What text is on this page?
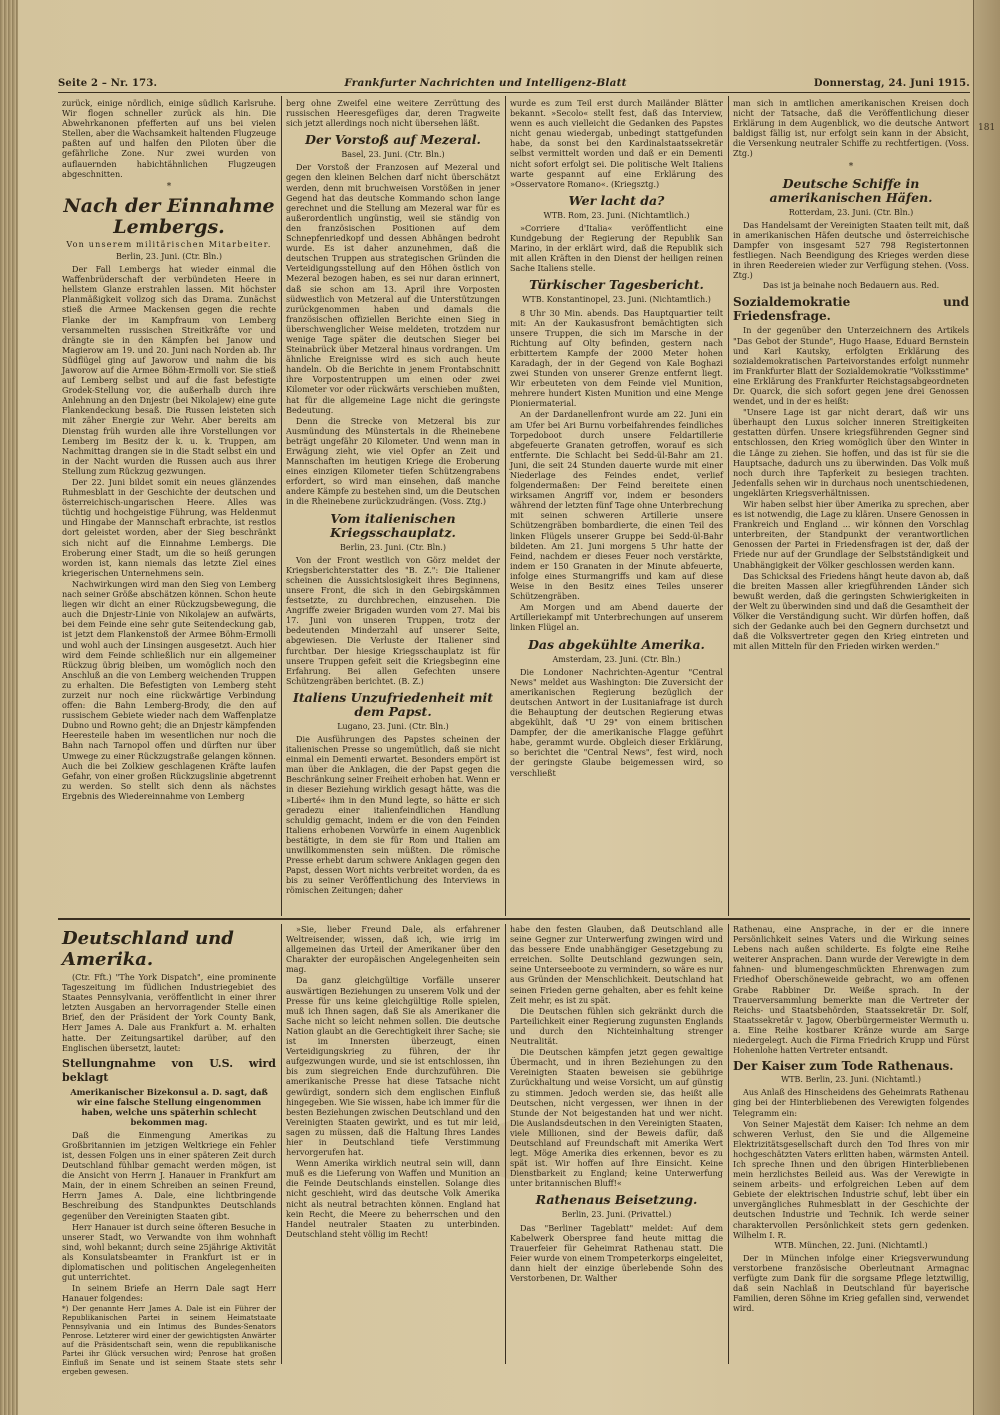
181
Seite 2 – Nr. 173.	Frankfurter Nachrichten und Intelligenz-Blatt	Donnerstag, 24. Juni 1915.

zurück, einige nördlich, einige südlich Karlsruhe. Wir flogen schneller zurück als hin. Die Abwehrkanonen pfefferten auf uns bei vielen Stellen, aber die Wachsamkeit haltenden Flugzeuge paßten auf und halfen den Piloten über die gefährliche Zone. Nur zwei wurden von auflauernden habichtähnlichen Flugzeugen abgeschnitten.

*
Nach der Einnahme Lembergs.
Von unserem militärischen Mitarbeiter.
Berlin, 23. Juni. (Ctr. Bln.)

Der Fall Lembergs hat wieder einmal die Waffenbrüderschaft der verbündeten Heere in hellstem Glanze erstrahlen lassen. Mit höchster Planmäßigkeit vollzog sich das Drama. Zunächst stieß die Armee Mackensen gegen die rechte Flanke der im Kampfraum von Lemberg versammelten russischen Streitkräfte vor und drängte sie in den Kämpfen bei Janow und Magierow am 19. und 20. Juni nach Norden ab. Ihr Südflügel ging auf Jaworow und nahm die bis Jaworow auf die Armee Böhm-Ermolli vor. Sie stieß auf Lemberg selbst und auf die fast befestigte Grodek-Stellung vor, die außerhalb durch ihre Anlehnung an den Dnjestr (bei Nikolajew) eine gute Flankendeckung besaß. Die Russen leisteten sich mit zäher Energie zur Wehr. Aber bereits am Dienstag früh wurden alle ihre Vorstellungen vor Lemberg im Besitz der k. u. k. Truppen, am Nachmittag drangen sie in die Stadt selbst ein und in der Nacht wurden die Russen auch aus ihrer Stellung zum Rückzug gezwungen.

Der 22. Juni bildet somit ein neues glänzendes Ruhmesblatt in der Geschichte der deutschen und österreichisch-ungarischen Heere. Alles was tüchtig und hochgeistige Führung, was Heldenmut und Hingabe der Mannschaft erbrachte, ist restlos dort geleistet worden, aber der Sieg beschränkt sich nicht auf die Einnahme Lembergs. Die Eroberung einer Stadt, um die so heiß gerungen worden ist, kann niemals das letzte Ziel eines kriegerischen Unternehmens sein.

Nachwirkungen wird man den Sieg von Lemberg nach seiner Größe abschätzen können. Schon heute liegen wir dicht an einer Rückzugsbewegung, die auch die Dnjestr-Linie von Nikolajew an aufwärts, bei dem Feinde eine sehr gute Seitendeckung gab, ist jetzt dem Flankenstoß der Armee Böhm-Ermolli und wohl auch der Linsingen ausgesetzt. Auch hier wird dem Feinde schließlich nur ein allgemeiner Rückzug übrig bleiben, um womöglich noch den Anschluß an die von Lemberg weichenden Truppen zu erhalten. Die Befestigten von Lemberg steht zurzeit nur noch eine rückwärtige Verbindung offen: die Bahn Lemberg-Brody, die den auf russischem Gebiete wieder nach dem Waffenplatze Dubno und Rowno geht; die an Dnjestr kämpfenden Heeresteile haben im wesentlichen nur noch die Bahn nach Tarnopol offen und dürften nur über Umwege zu einer Rückzugstraße gelangen können. Auch die bei Zolkiew geschlagenen Kräfte laufen Gefahr, von einer großen Rückzugslinie abgetrennt zu werden. So stellt sich denn als nächstes Ergebnis des Wiedereinnahme von Lemberg

berg ohne Zweifel eine weitere Zerrüttung des russischen Heeresgefüges dar, deren Tragweite sich jetzt allerdings noch nicht übersehen läßt.

Der Vorstoß auf Mezeral.
Basel, 23. Juni. (Ctr. Bln.)

Der Vorstoß der Franzosen auf Mezeral und gegen den kleinen Belchen darf nicht überschätzt werden, denn mit bruchweisen Vorstößen in jener Gegend hat das deutsche Kommando schon lange gerechnet und die Stellung am Mezeral war für es außerordentlich ungünstig, weil sie ständig von den französischen Positionen auf dem Schnepfenriedkopf und dessen Abhängen bedroht wurde. Es ist daher anzunehmen, daß die deutschen Truppen aus strategischen Gründen die Verteidigungsstellung auf den Höhen östlich von Mezeral bezogen haben, es sei nur daran erinnert, daß sie schon am 13. April ihre Vorposten südwestlich von Metzeral auf die Unterstützungen zurückgenommen haben und damals die französischen offiziellen Berichte einen Sieg in überschwenglicher Weise meldeten, trotzdem nur wenige Tage später die deutschen Sieger bei Steinabrück über Metzeral hinaus vordrangen. Um ähnliche Ereignisse wird es sich auch heute handeln. Ob die Berichte in jenem Frontabschnitt ihre Vorpostentruppen um einen oder zwei Kilometer vor oder rückwärts verschieben mußten, hat für die allgemeine Lage nicht die geringste Bedeutung.

Denn die Strecke von Metzeral bis zur Ausmündung des Münstertals in die Rheinebene beträgt ungefähr 20 Kilometer. Und wenn man in Erwägung zieht, wie viel Opfer an Zeit und Mannschaften im heutigen Kriege die Eroberung eines einzigen Kilometer tiefen Schützengrabens erfordert, so wird man einsehen, daß manche andere Kämpfe zu bestehen sind, um die Deutschen in die Rheinebene zurückzudrängen. (Voss. Ztg.)

Vom italienischen Kriegsschauplatz.
Berlin, 23. Juni. (Ctr. Bln.)

Von der Front westlich von Görz meldet der Kriegsberichterstatter des "B. Z.": Die Italiener scheinen die Aussichtslosigkeit ihres Beginnens, unsere Front, die sich in den Gebirgskämmen festsetzte, zu durchbrechen, einzusehen. Die Angriffe zweier Brigaden wurden vom 27. Mai bis 17. Juni von unseren Truppen, trotz der bedeutenden Minderzahl auf unserer Seite, abgewiesen. Die Verluste der Italiener sind furchtbar. Der hiesige Kriegsschauplatz ist für unsere Truppen gefeit seit die Kriegsbeginn eine Erfahrung. Bei allen Gefechten unsere Schützengräben berichtet. (B. Z.)

Italiens Unzufriedenheit mit dem Papst.
Lugano, 23. Juni. (Ctr. Bln.)

Die Ausführungen des Papstes scheinen der italienischen Presse so ungemütlich, daß sie nicht einmal ein Dementi erwartet. Besonders empört ist man über die Anklagen, die der Papst gegen die Beschränkung seiner Freiheit erhoben hat. Wenn er in dieser Beziehung wirklich gesagt hätte, was die »Liberté« ihm in den Mund legte, so hätte er sich geradezu einer italienfeindlichen Handlung schuldig gemacht, indem er die von den Feinden Italiens erhobenen Vorwürfe in einem Augenblick bestätigte, in dem sie für Rom und Italien am unwillkommensten sein müßten. Die römische Presse erhebt darum schwere Anklagen gegen den Papst, dessen Wort nichts verbreitet worden, da es bis zu seiner Veröffentlichung des Interviews in römischen Zeitungen; daher

wurde es zum Teil erst durch Mailänder Blätter bekannt. »Secolo« stellt fest, daß das Interview, wenn es auch vielleicht die Gedanken des Papstes nicht genau wiedergab, unbedingt stattgefunden habe, da sonst bei den Kardinalstaatssekretär selbst vermittelt worden und daß er ein Dementi nicht sofort erfolgt sei. Die politische Welt Italiens warte gespannt auf eine Erklärung des »Osservatore Romano«. (Kriegsztg.)

Wer lacht da?
WTB. Rom, 23. Juni. (Nichtamtlich.)

»Corriere d'Italia« veröffentlicht eine Kundgebung der Regierung der Republik San Marino, in der erklärt wird, daß die Republik sich mit allen Kräften in den Dienst der heiligen reinen Sache Italiens stelle.

Türkischer Tagesbericht.
WTB. Konstantinopel, 23. Juni. (Nichtamtlich.)

8 Uhr 30 Min. abends. Das Hauptquartier teilt mit: An der Kaukasusfront bemächtigten sich unsere Truppen, die sich im Marsche in der Richtung auf Olty befinden, gestern nach erbittertem Kampfe der 2000 Meter hohen Karadagh, der in der Gegend von Kale Boghazi zwei Stunden von unserer Grenze entfernt liegt. Wir erbeuteten von dem Feinde viel Munition, mehrere hundert Kisten Munition und eine Menge Pioniermaterial.

An der Dardanellenfront wurde am 22. Juni ein am Ufer bei Ari Burnu vorbeifahrendes feindliches Torpedoboot durch unsere Feldartillerie abgefeuerte Granaten getroffen, worauf es sich entfernte. Die Schlacht bei Sedd-ül-Bahr am 21. Juni, die seit 24 Stunden dauerte wurde mit einer Niederlage des Feindes endet, verlief folgendermaßen: Der Feind bereitete einen wirksamen Angriff vor, indem er besonders während der letzten fünf Tage ohne Unterbrechung mit seinen schweren Artillerie unsere Schützengräben bombardierte, die einen Teil des linken Flügels unserer Gruppe bei Sedd-ül-Bahr bildeten. Am 21. Juni morgens 5 Uhr hatte der Feind, nachdem er dieses Feuer noch verstärkte, indem er 150 Granaten in der Minute abfeuerte, infolge eines Sturmangriffs und kam auf diese Weise in den Besitz eines Teiles unserer Schützengräben.

Am Morgen und am Abend dauerte der Artilleriekampf mit Unterbrechungen auf unserem linken Flügel an.

Das abgekühlte Amerika.
Amsterdam, 23. Juni. (Ctr. Bln.)

Die Londoner Nachrichten-Agentur "Central News" meldet aus Washington: Die Zuversicht der amerikanischen Regierung bezüglich der deutschen Antwort in der Lusitaniafrage ist durch die Behauptung der deutschen Regierung etwas abgekühlt, daß "U 29" von einem britischen Dampfer, der die amerikanische Flagge geführt habe, gerammt wurde. Obgleich dieser Erklärung, so berichtet die "Central News", fest wird, noch der geringste Glaube beigemessen wird, so verschließt

man sich in amtlichen amerikanischen Kreisen doch nicht der Tatsache, daß die Veröffentlichung dieser Erklärung in dem Augenblick, wo die deutsche Antwort baldigst fällig ist, nur erfolgt sein kann in der Absicht, die Versenkung neutraler Schiffe zu rechtfertigen. (Voss. Ztg.)

*
Deutsche Schiffe in amerikanischen Häfen.
Rotterdam, 23. Juni. (Ctr. Bln.)

Das Handelsamt der Vereinigten Staaten teilt mit, daß in amerikanischen Häfen deutsche und österreichische Dampfer von insgesamt 527 798 Registertonnen festliegen. Nach Beendigung des Krieges werden diese in ihren Reedereien wieder zur Verfügung stehen. (Voss. Ztg.)

Das ist ja beinahe noch Bedauern aus. Red.
Sozialdemokratie und Friedensfrage.

In der gegenüber den Unterzeichnern des Artikels "Das Gebot der Stunde", Hugo Haase, Eduard Bernstein und Karl Kautsky, erfolgten Erklärung des sozialdemokratischen Parteivorstandes erfolgt nunmehr im Frankfurter Blatt der Sozialdemokratie "Volksstimme" eine Erklärung des Frankfurter Reichstagsabgeordneten Dr. Quarck, die sich sofort gegen jene drei Genossen wendet, und in der es heißt:

"Unsere Lage ist gar nicht derart, daß wir uns überhaupt den Luxus solcher inneren Streitigkeiten gestatten dürfen. Unsere kriegsführenden Gegner sind entschlossen, den Krieg womöglich über den Winter in die Länge zu ziehen. Sie hoffen, und das ist für sie die Hauptsache, dadurch uns zu überwinden. Das Volk muß noch durch ihre Tapferkeit zu besiegen trachten. Jedenfalls sehen wir in durchaus noch unentschiedenen, ungeklärten Kriegsverhältnissen.

Wir haben selbst hier über Amerika zu sprechen, aber es ist notwendig, die Lage zu klären. Unsere Genossen in Frankreich und England ... wir können den Vorschlag unterbreiten, der Standpunkt der verantwortlichen Genossen der Partei in Friedensfragen ist der, daß der Friede nur auf der Grundlage der Selbstständigkeit und Unabhängigkeit der Völker geschlossen werden kann.

Das Schicksal des Friedens hängt heute davon ab, daß die breiten Massen aller kriegführenden Länder sich bewußt werden, daß die geringsten Schwierigkeiten in der Welt zu überwinden sind und daß die Gesamtheit der Völker die Verständigung sucht. Wir dürfen hoffen, daß sich der Gedanke auch bei den Gegnern durchsetzt und daß die Volksvertreter gegen den Krieg eintreten und mit allen Mitteln für den Frieden wirken werden."

Deutschland und Amerika.

(Ctr. Fft.) "The York Dispatch", eine prominente Tageszeitung im füdlichen Industriegebiet des Staates Pennsylvania, veröffentlicht in einer ihrer letzten Ausgaben an hervorragender Stelle einen Brief, den der Präsident der York County Bank, Herr James A. Dale aus Frankfurt a. M. erhalten hatte. Der Zeitungsartikel darüber, auf den Englischen übersetzt, lautet:

Stellungnahme von U.S. wird beklagt
Amerikanischer Bizekonsul a. D. sagt, daß wir eine falsche Stellung eingenommen haben, welche uns späterhin schlecht bekommen mag.

Daß die Einmengung Amerikas zu Großbritannien im jetzigen Weltkriege ein Fehler ist, dessen Folgen uns in einer späteren Zeit durch Deutschland fühlbar gemacht werden mögen, ist die Ansicht von Herrn J. Hanauer in Frankfurt am Main, der in einem Schreiben an seinen Freund, Herrn James A. Dale, eine lichtbringende Beschreibung des Standpunktes Deutschlands gegenüber den Vereinigten Staaten gibt.

Herr Hanauer ist durch seine öfteren Besuche in unserer Stadt, wo Verwandte von ihm wohnhaft sind, wohl bekannt; durch seine 25jährige Aktivität als Konsulatsbeamter in Frankfurt ist er in diplomatischen und politischen Angelegenheiten gut unterrichtet.

In seinem Briefe an Herrn Dale sagt Herr Hanauer folgendes:

*) Der genannte Herr James A. Dale ist ein Führer der Republikanischen Partei in seinem Heimatstaate Pennsylvania und ein Intimus des Bundes-Senators Penrose. Letzterer wird einer der gewichtigsten Anwärter auf die Präsidentschaft sein, wenn die republikanische Partei ihr Glück versuchen wird; Penrose hat großen Einfluß im Senate und ist seinem Staate stets sehr ergeben gewesen.

»Sie, lieber Freund Dale, als erfahrener Weltreisender, wissen, daß ich, wie irrig im allgemeinen das Urteil der Amerikaner über den Charakter der europäischen Angelegenheiten sein mag.

Da ganz gleichgültige Vorfälle unserer auswärtigen Beziehungen zu unserem Volk und der Presse für uns keine gleichgültige Rolle spielen, muß ich Ihnen sagen, daß Sie als Amerikaner die Sache nicht so leicht nehmen sollen. Die deutsche Nation glaubt an die Gerechtigkeit ihrer Sache; sie ist im Innersten überzeugt, einen Verteidigungskrieg zu führen, der ihr aufgezwungen wurde, und sie ist entschlossen, ihn bis zum siegreichen Ende durchzuführen. Die amerikanische Presse hat diese Tatsache nicht gewürdigt, sondern sich dem englischen Einfluß hingegeben. Wie Sie wissen, habe ich immer für die besten Beziehungen zwischen Deutschland und den Vereinigten Staaten gewirkt, und es tut mir leid, sagen zu müssen, daß die Haltung Ihres Landes hier in Deutschland tiefe Verstimmung hervorgerufen hat.

Wenn Amerika wirklich neutral sein will, dann muß es die Lieferung von Waffen und Munition an die Feinde Deutschlands einstellen. Solange dies nicht geschieht, wird das deutsche Volk Amerika nicht als neutral betrachten können. England hat kein Recht, die Meere zu beherrschen und den Handel neutraler Staaten zu unterbinden. Deutschland steht völlig im Recht!

habe den festen Glauben, daß Deutschland alle seine Gegner zur Unterwerfung zwingen wird und das bessere Ende unabhängiger Gesetzgebung zu erreichen. Sollte Deutschland gezwungen sein, seine Unterseeboote zu vermindern, so wäre es nur aus Gründen der Menschlichkeit. Deutschland hat seinen Frieden gerne gehalten, aber es fehlt keine Zeit mehr, es ist zu spät.

Die Deutschen fühlen sich gekränkt durch die Parteilichkeit einer Regierung zugunsten Englands und durch den Nichteinhaltung strenger Neutralität.

Die Deutschen kämpfen jetzt gegen gewaltige Übermacht, und in ihren Beziehungen zu den Vereinigten Staaten beweisen sie gebührige Zurückhaltung und weise Vorsicht, um auf günstig zu stimmen. Jedoch werden sie, das heißt alle Deutschen, nicht vergessen, wer ihnen in der Stunde der Not beigestanden hat und wer nicht. Die Auslandsdeutschen in den Vereinigten Staaten, viele Millionen, sind der Beweis dafür, daß Deutschland auf Freundschaft mit Amerika Wert legt. Möge Amerika dies erkennen, bevor es zu spät ist. Wir hoffen auf Ihre Einsicht. Keine Dienstbarkeit zu England; keine Unterwerfung unter britannischen Bluff!«

Rathenaus Beisetzung.
Berlin, 23. Juni. (Privattel.)

Das "Berliner Tageblatt" meldet: Auf dem Kabelwerk Oberspree fand heute mittag die Trauerfeier für Geheimrat Rathenau statt. Die Feier wurde von einem Trompeterkorps eingeleitet, dann hielt der einzige überlebende Sohn des Verstorbenen, Dr. Walther

Rathenau, eine Ansprache, in der er die innere Persönlichkeit seines Vaters und die Wirkung seines Lebens nach außen schilderte. Es folgte eine Reihe weiterer Ansprachen. Dann wurde der Verewigte in dem fahnen- und blumengeschmückten Ehrenwagen zum Friedhof Oberschöneweide gebracht, wo am offenen Grabe Rabbiner Dr. Weiße sprach. In der Trauerversammlung bemerkte man die Vertreter der Reichs- und Staatsbehörden, Staatssekretär Dr. Solf, Staatssekretär v. Jagow, Oberbürgermeister Wermuth u. a. Eine Reihe kostbarer Kränze wurde am Sarge niedergelegt. Auch die Firma Friedrich Krupp und Fürst Hohenlohe hatten Vertreter entsandt.

Der Kaiser zum Tode Rathenaus.
WTB. Berlin, 23. Juni. (Nichtamtl.)

Aus Anlaß des Hinscheidens des Geheimrats Rathenau ging bei der Hinterbliebenen des Verewigten folgendes Telegramm ein:

Von Seiner Majestät dem Kaiser: Ich nehme an dem schweren Verlust, den Sie und die Allgemeine Elektrizitätsgesellschaft durch den Tod Ihres von mir hochgeschätzten Vaters erlitten haben, wärmsten Anteil. Ich spreche Ihnen und den übrigen Hinterbliebenen mein herzlichstes Beileid aus. Was der Verewigte in seinem arbeits- und erfolgreichen Leben auf dem Gebiete der elektrischen Industrie schuf, lebt über ein unvergängliches Ruhmesblatt in der Geschichte der deutschen Industrie und Technik. Ich werde seiner charaktervollen Persönlichkeit stets gern gedenken. Wilhelm I. R.

WTB. München, 22. Juni. (Nichtamtl.)

Der in München infolge einer Kriegsverwundung verstorbene französische Oberleutnant Armagnac verfügte zum Dank für die sorgsame Pflege letztwillig, daß sein Nachlaß in Deutschland für bayerische Familien, deren Söhne im Krieg gefallen sind, verwendet wird.
